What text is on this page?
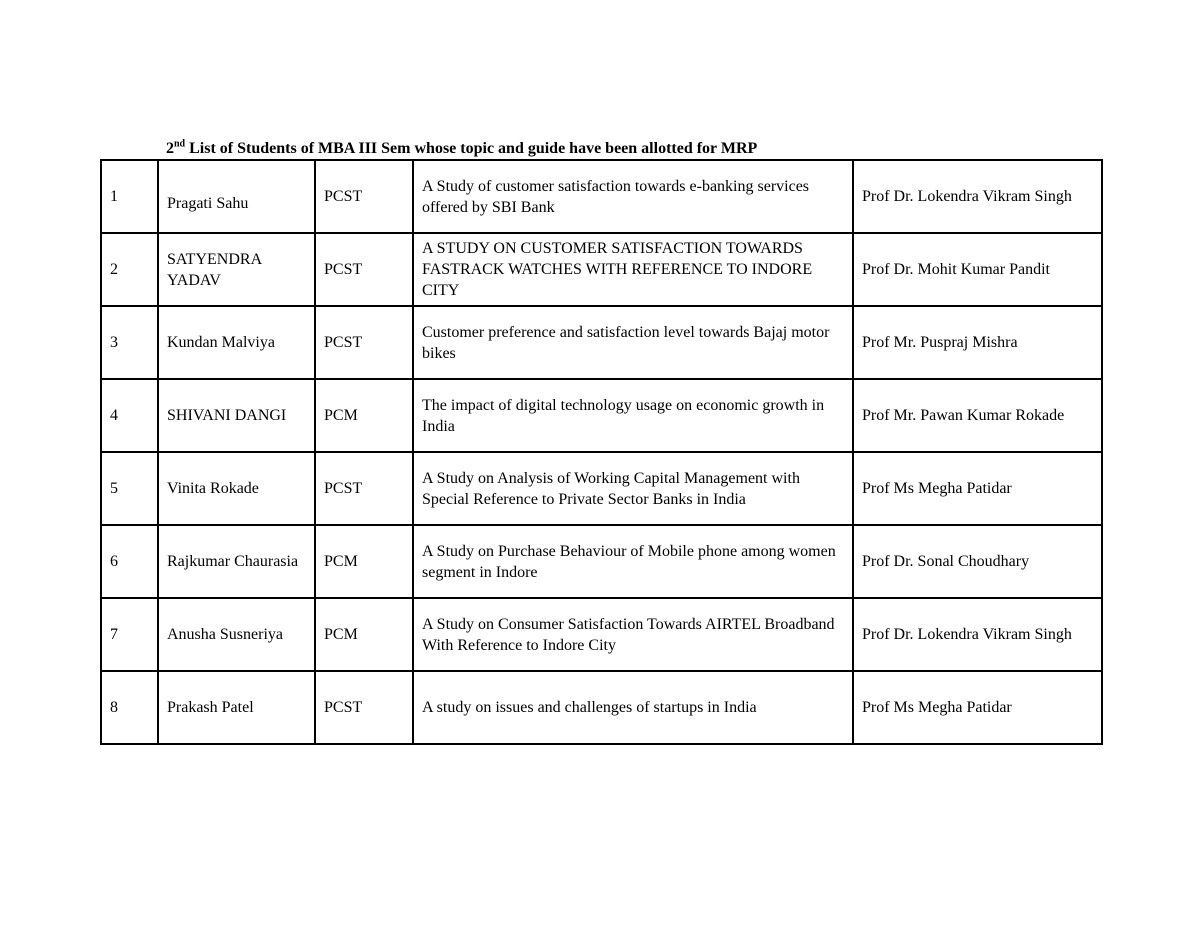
2nd List of Students of MBA III Sem whose topic and guide have been allotted for MRP
1	Pragati Sahu	PCST	A Study of customer satisfaction towards e-banking services offered by SBI Bank	Prof Dr. Lokendra Vikram Singh
2	SATYENDRA YADAV	PCST	A STUDY ON CUSTOMER SATISFACTION TOWARDS FASTRACK WATCHES WITH REFERENCE TO INDORE CITY	Prof Dr. Mohit Kumar Pandit
3	Kundan Malviya	PCST	Customer preference and satisfaction level towards Bajaj motor bikes	Prof Mr. Puspraj Mishra
4	SHIVANI DANGI	PCM	The impact of digital technology usage on economic growth in India	Prof Mr. Pawan Kumar Rokade
5	Vinita Rokade	PCST	A Study on Analysis of Working Capital Management with Special Reference to Private Sector Banks in India	Prof Ms Megha Patidar
6	Rajkumar Chaurasia	PCM	A Study on Purchase Behaviour of Mobile phone among women segment in Indore	Prof Dr. Sonal Choudhary
7	Anusha Susneriya	PCM	A Study on Consumer Satisfaction Towards AIRTEL Broadband With Reference to Indore City	Prof Dr. Lokendra Vikram Singh
8	Prakash Patel	PCST	A study on issues and challenges of startups in India	Prof Ms Megha Patidar
